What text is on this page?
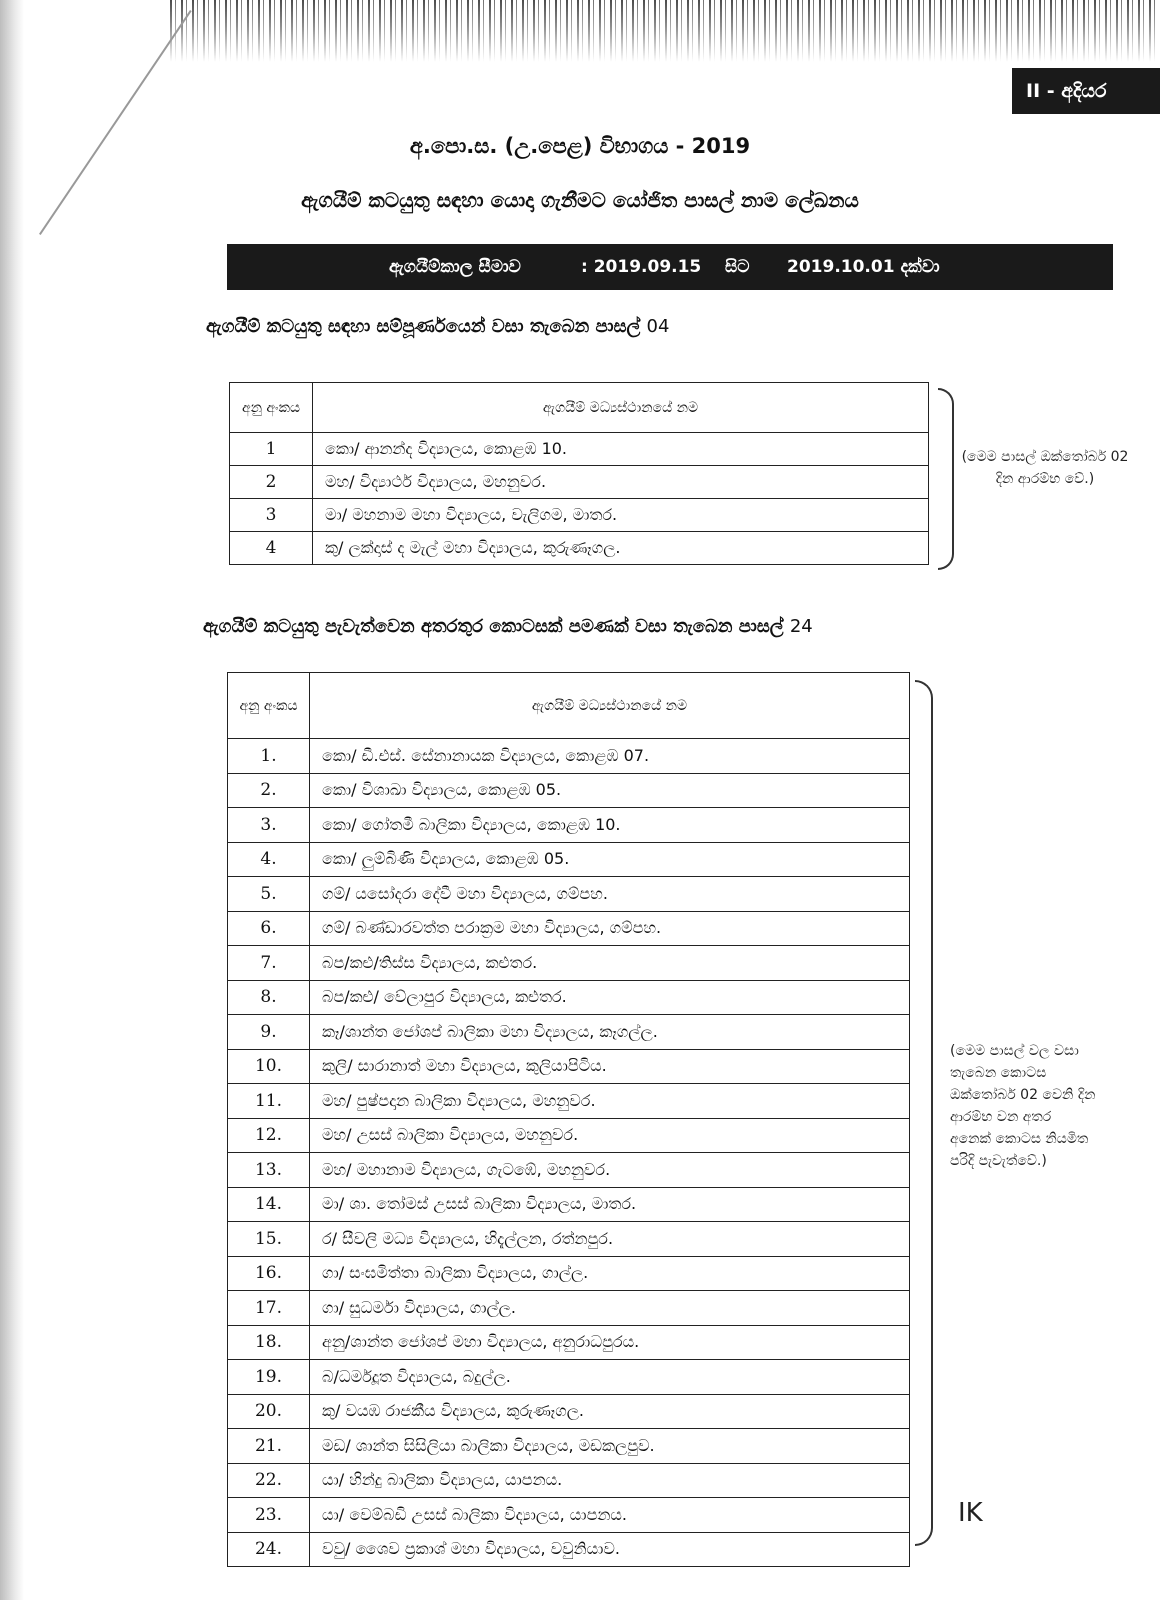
II - අදියර
අ.පො.ස. (උ.පෙළ) විභාගය - 2019
ඇගයීම් කටයුතු සඳහා යොදා ගැනීමට යෝජිත පාසල් නාම ලේඛනය
ඇගයීම්කාල සීමාව	: 2019.09.15 සිට 2019.10.01 දක්වා
ඇගයීම් කටයුතු සඳහා සම්පූර්ණයෙන් වසා තැබෙන පාසල් 04
අනු අංකය	ඇගයීම් මධ්‍යස්ථානයේ නම
1	කො/ ආනන්ද විද්‍යාලය, කොළඹ 10.
2	මහ/ විද්‍යාර්ථ විද්‍යාලය, මහනුවර.
3	මා/ මහනාම මහා විද්‍යාලය, වැලිගම, මාතර.
4	කු/ ලක්දාස් ද මැල් මහා විද්‍යාලය, කුරුණෑගල.
(මෙම පාසල් ඔක්තෝබර් 02 දින ආරම්භ වේ.)
ඇගයීම් කටයුතු පැවැත්වෙන අතරතුර කොටසක් පමණක් වසා තැබෙන පාසල් 24
අනු අංකය	ඇගයීම් මධ්‍යස්ථානයේ නම
1.	කො/ ඩී.එස්. සේනානායක විද්‍යාලය, කොළඹ 07.
2.	කො/ විශාඛා විද්‍යාලය, කොළඹ 05.
3.	කො/ ගෝතමී බාලිකා විද්‍යාලය, කොළඹ 10.
4.	කො/ ලුම්බිණි විද්‍යාලය, කොළඹ 05.
5.	ගම්/ යසෝදරා දේවී මහා විද්‍යාලය, ගම්පහ.
6.	ගම්/ බණ්ඩාරවත්ත පරාක්‍රම මහා විද්‍යාලය, ගම්පහ.
7.	බප/කළු/තිස්ස විද්‍යාලය, කළුතර.
8.	බප/කළු/ වේලාපුර විද්‍යාලය, කළුතර.
9.	කෑ/ශාන්ත ජෝශප් බාලිකා මහා විද්‍යාලය, කෑගල්ල.
10.	කුලි/ සාරානාත් මහා විද්‍යාලය, කුලියාපිටිය.
11.	මහ/ පුෂ්පදාන බාලිකා විද්‍යාලය, මහනුවර.
12.	මහ/ උසස් බාලිකා විද්‍යාලය, මහනුවර.
13.	මහ/ මහානාම විද්‍යාලය, ගැටඹේ, මහනුවර.
14.	මා/ ශා. තෝමස් උසස් බාලිකා විද්‍යාලය, මාතර.
15.	ර/ සීවලි මධ්‍ය විද්‍යාලය, හිදැල්ලන, රත්නපුර.
16.	ගා/ සංඝමිත්තා බාලිකා විද්‍යාලය, ගාල්ල.
17.	ගා/ සුධර්මා විද්‍යාලය, ගාල්ල.
18.	අනු/ශාන්ත ජෝශප් මහා විද්‍යාලය, අනුරාධපුරය.
19.	බ/ධර්මදූත විද්‍යාලය, බදුල්ල.
20.	කු/ වයඹ රාජකීය විද්‍යාලය, කුරුණෑගල.
21.	මඩ/ ශාන්ත සිසිලියා බාලිකා විද්‍යාලය, මඩකලපුව.
22.	යා/ හින්දු බාලිකා විද්‍යාලය, යාපනය.
23.	යා/ වෙම්බඩි උසස් බාලිකා විද්‍යාලය, යාපනය.
24.	වවු/ ශෛව ප්‍රකාශ් මහා විද්‍යාලය, වවුනියාව.
(මෙම පාසල් වල වසා
තැබෙන කොටස
ඔක්තෝබර් 02 වෙනි දින
ආරම්භ වන අතර
අනෙක් කොටස නියමිත
පරිදි පැවැත්වේ.)
IK
